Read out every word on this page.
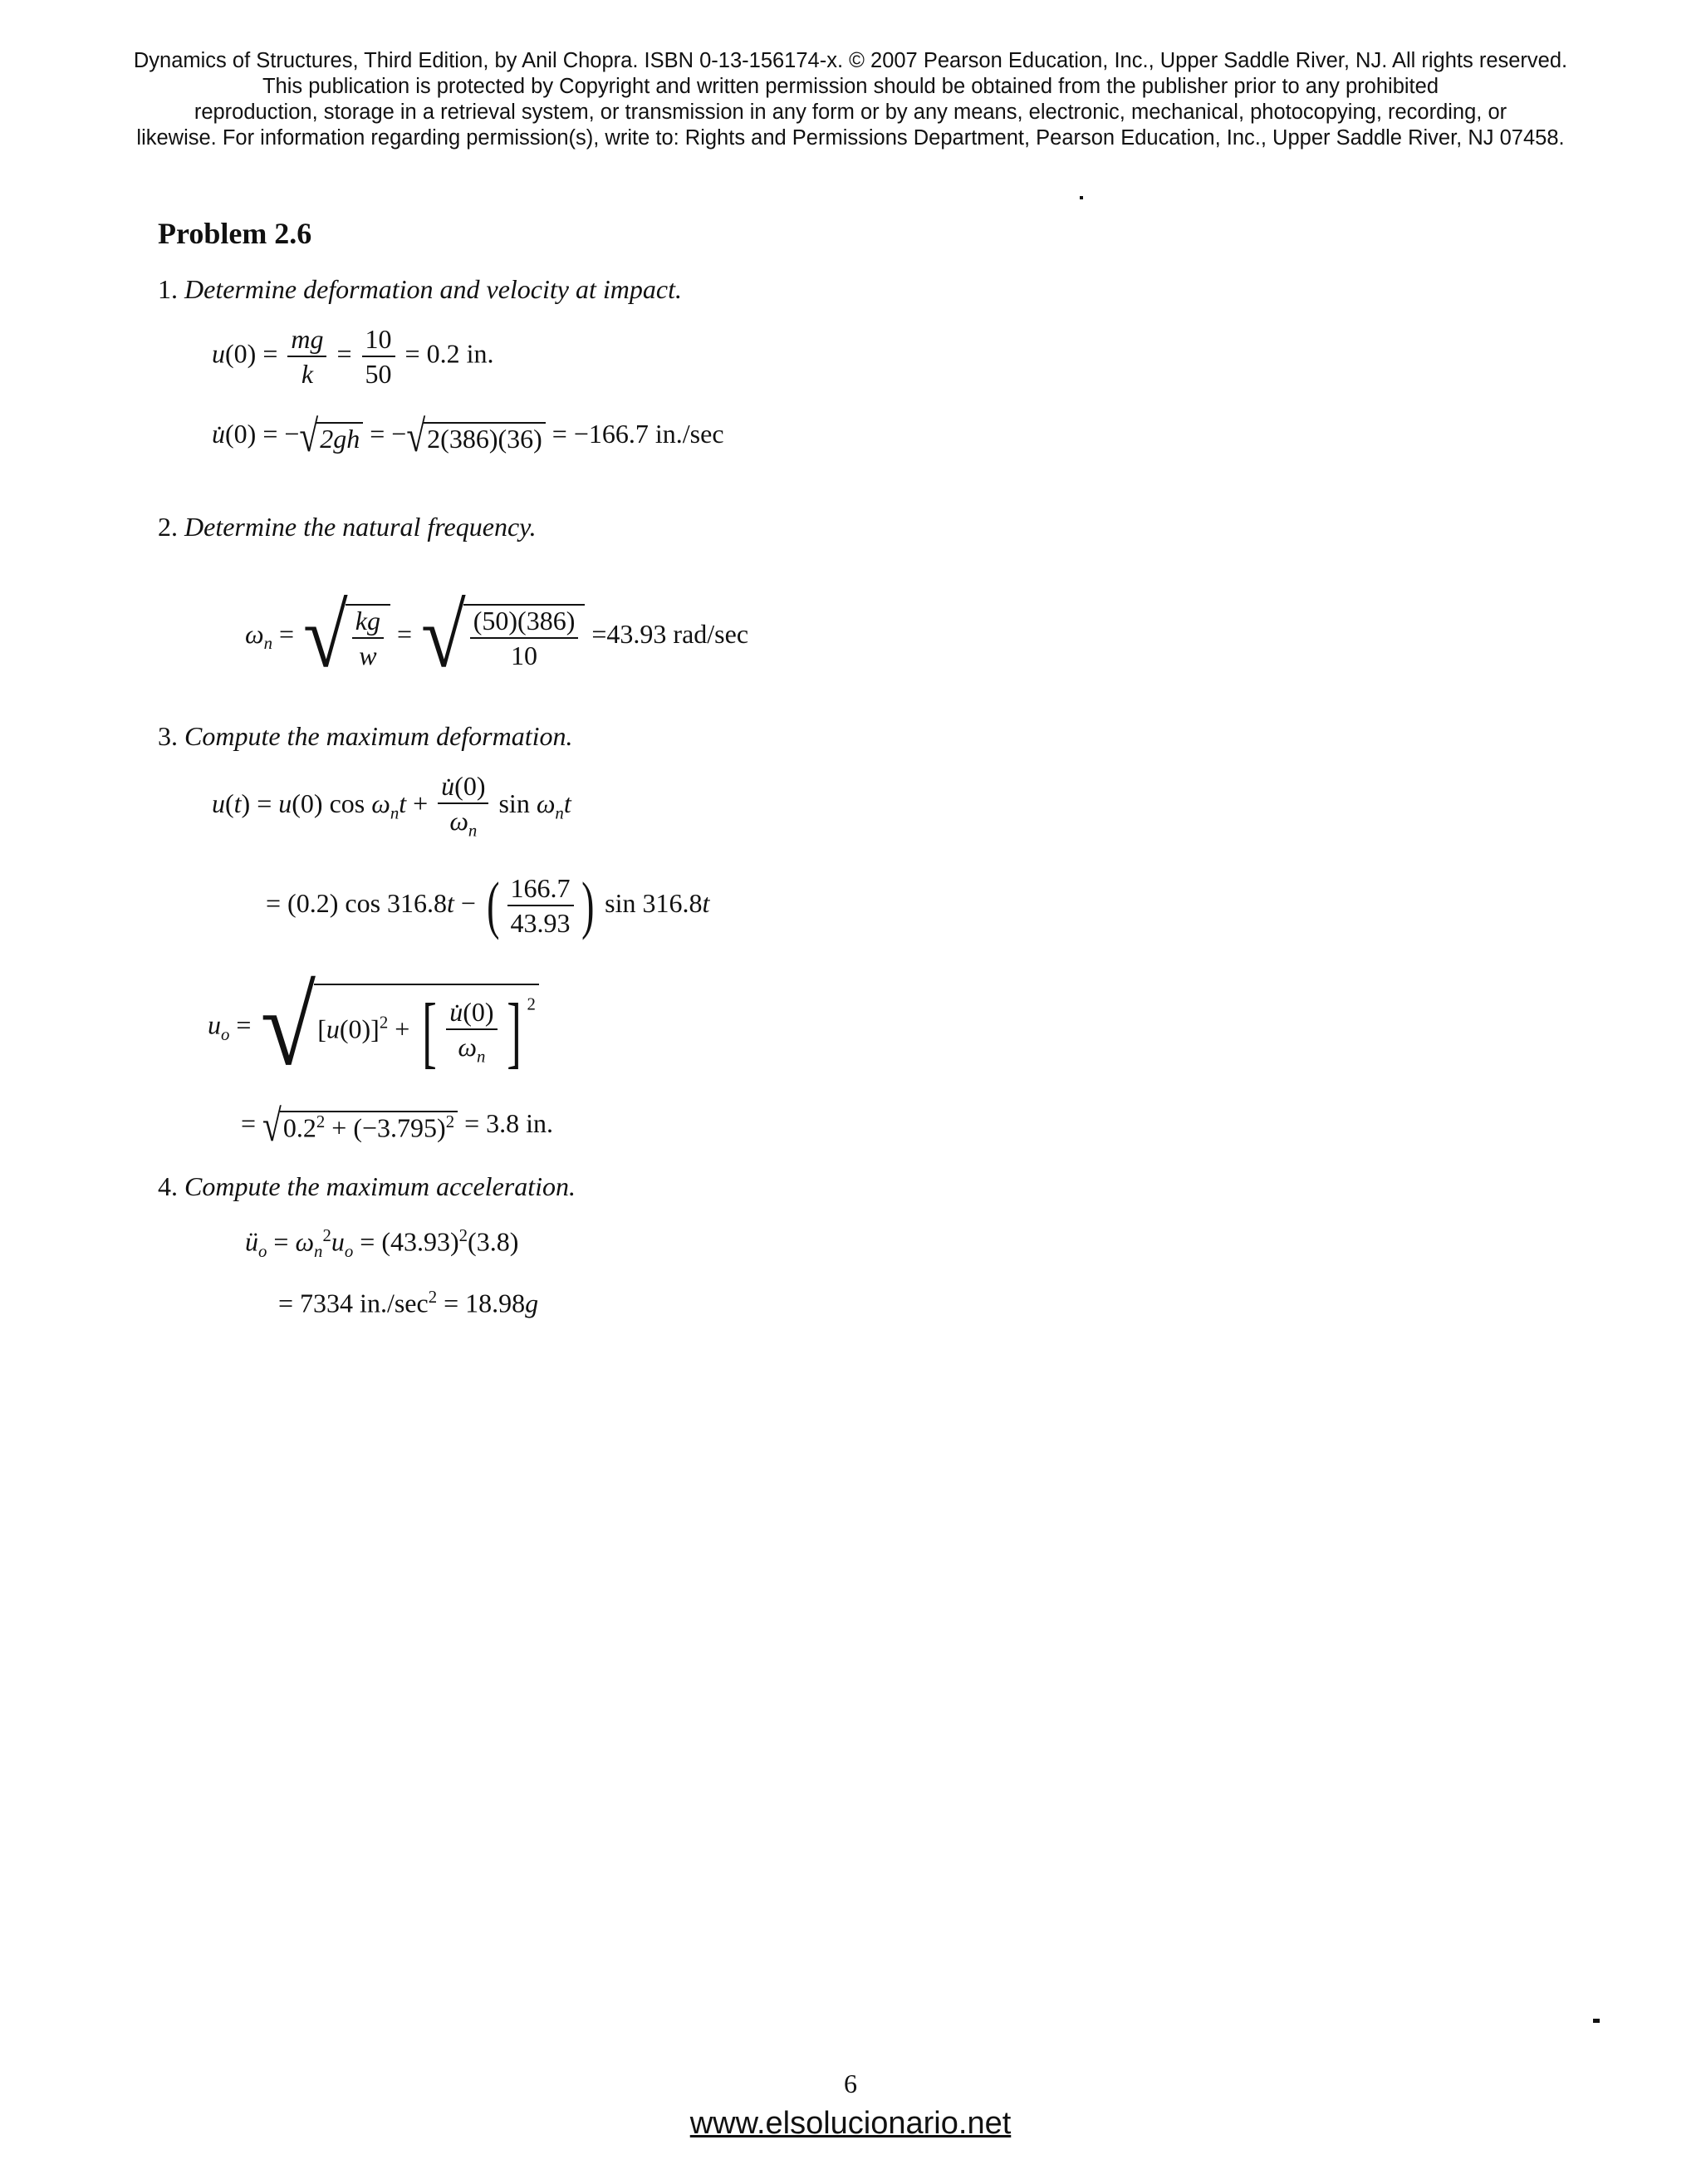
Dynamics of Structures, Third Edition, by Anil Chopra. ISBN 0-13-156174-x. © 2007 Pearson Education, Inc., Upper Saddle River, NJ. All rights reserved.
This publication is protected by Copyright and written permission should be obtained from the publisher prior to any prohibited
reproduction, storage in a retrieval system, or transmission in any form or by any means, electronic, mechanical, photocopying, recording, or
likewise. For information regarding permission(s), write to: Rights and Permissions Department, Pearson Education, Inc., Upper Saddle River, NJ 07458.
Problem 2.6
1. Determine deformation and velocity at impact.
$u(0) = \frac{mg}{k} = \frac{10}{50} = 0.2$ in.
u̇(0) = −√2gh = −√2(386)(36) = −166.7 in./sec
2. Determine the natural frequency.
$\omega_n$ = √ $\frac{kg}{w}$ = √ $\frac{(50)(386)}{10} =43.93$ rad/sec
3. Compute the maximum deformation.
u(t) = u(0) $\cos \omega_nt + \frac{u̇(0)}{\omega_n}$ $\sin \omega_nt$
= (0.2) cos 316.8t − ( $\frac{166.7}{43.93}$ ) sin 316.8t
$u_o = √[u(0)]^2$ + [ $\frac{u̇(0)}{\omega_n}$ ] $^2$
= $√0.2^2 + (-3.795)^2 = 3.8$ in.
4. Compute the maximum acceleration.
$ü_o = \omega_n^2u_o = (43.93)^2(3.8)$
= 7334 $in./\sec^2 = 18.98g$
6
www.elsolucionario.net
